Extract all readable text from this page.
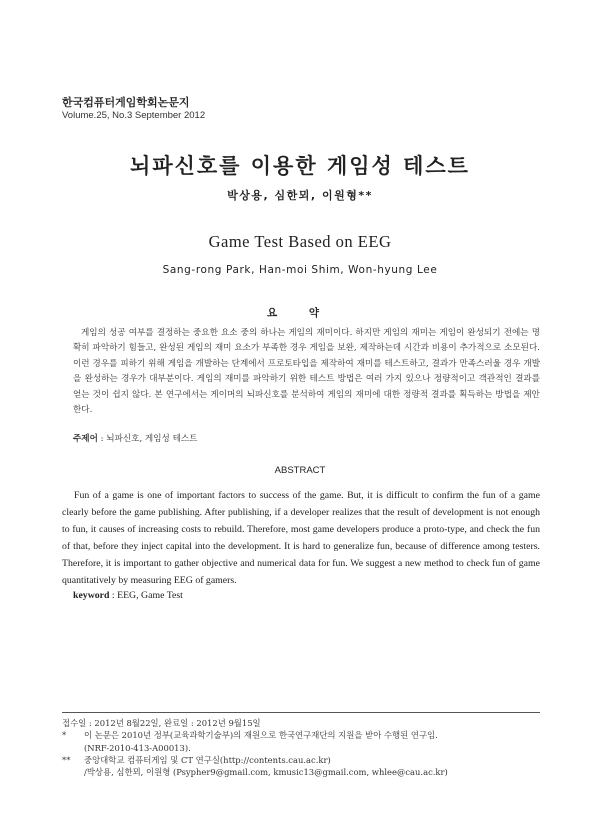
한국컴퓨터게임학회논문지
Volume.25, No.3 September 2012
뇌파신호를 이용한 게임성 테스트
박상용, 심한뫼, 이원형**
Game Test Based on EEG
Sang-rong Park, Han-moi Shim, Won-hyung Lee
요 약

게임의 성공 여부를 결정하는 중요한 요소 중의 하나는 게임의 재미이다. 하지만 게임의 재미는 게임이 완성되기 전에는 명확히 파악하기 힘들고, 완성된 게임의 재미 요소가 부족한 경우 게임을 보완, 제작하는데 시간과 비용이 추가적으로 소모된다. 이런 경우를 피하기 위해 게임을 개발하는 단계에서 프로토타입을 제작하여 재미를 테스트하고, 결과가 만족스러울 경우 개발을 완성하는 경우가 대부분이다. 게임의 재미를 파악하기 위한 테스트 방법은 여러 가지 있으나 정량적이고 객관적인 결과를 얻는 것이 쉽지 않다. 본 연구에서는 게이머의 뇌파신호를 분석하여 게임의 재미에 대한 정량적 결과를 획득하는 방법을 제안한다.

주제어 : 뇌파신호, 게임성 테스트
ABSTRACT

Fun of a game is one of important factors to success of the game. But, it is difficult to confirm the fun of a game clearly before the game publishing. After publishing, if a developer realizes that the result of development is not enough to fun, it causes of increasing costs to rebuild. Therefore, most game developers produce a proto-type, and check the fun of that, before they inject capital into the development. It is hard to generalize fun, because of difference among testers. Therefore, it is important to gather objective and numerical data for fun. We suggest a new method to check fun of game quantitatively by measuring EEG of gamers.

keyword : EEG, Game Test
접수일 : 2012년 8월22일, 완료일 : 2012년 9월15일
*	이 논문은 2010년 정부(교육과학기술부)의 재원으로 한국연구재단의 지원을 받아 수행된 연구임.
(NRF-2010-413-A00013).
**	중앙대학교 컴퓨터게임 및 CT 연구실(http://contents.cau.ac.kr)
/박상용, 심한뫼, 이원형 (Psypher9@gmail.com, kmusic13@gmail.com, whlee@cau.ac.kr)
